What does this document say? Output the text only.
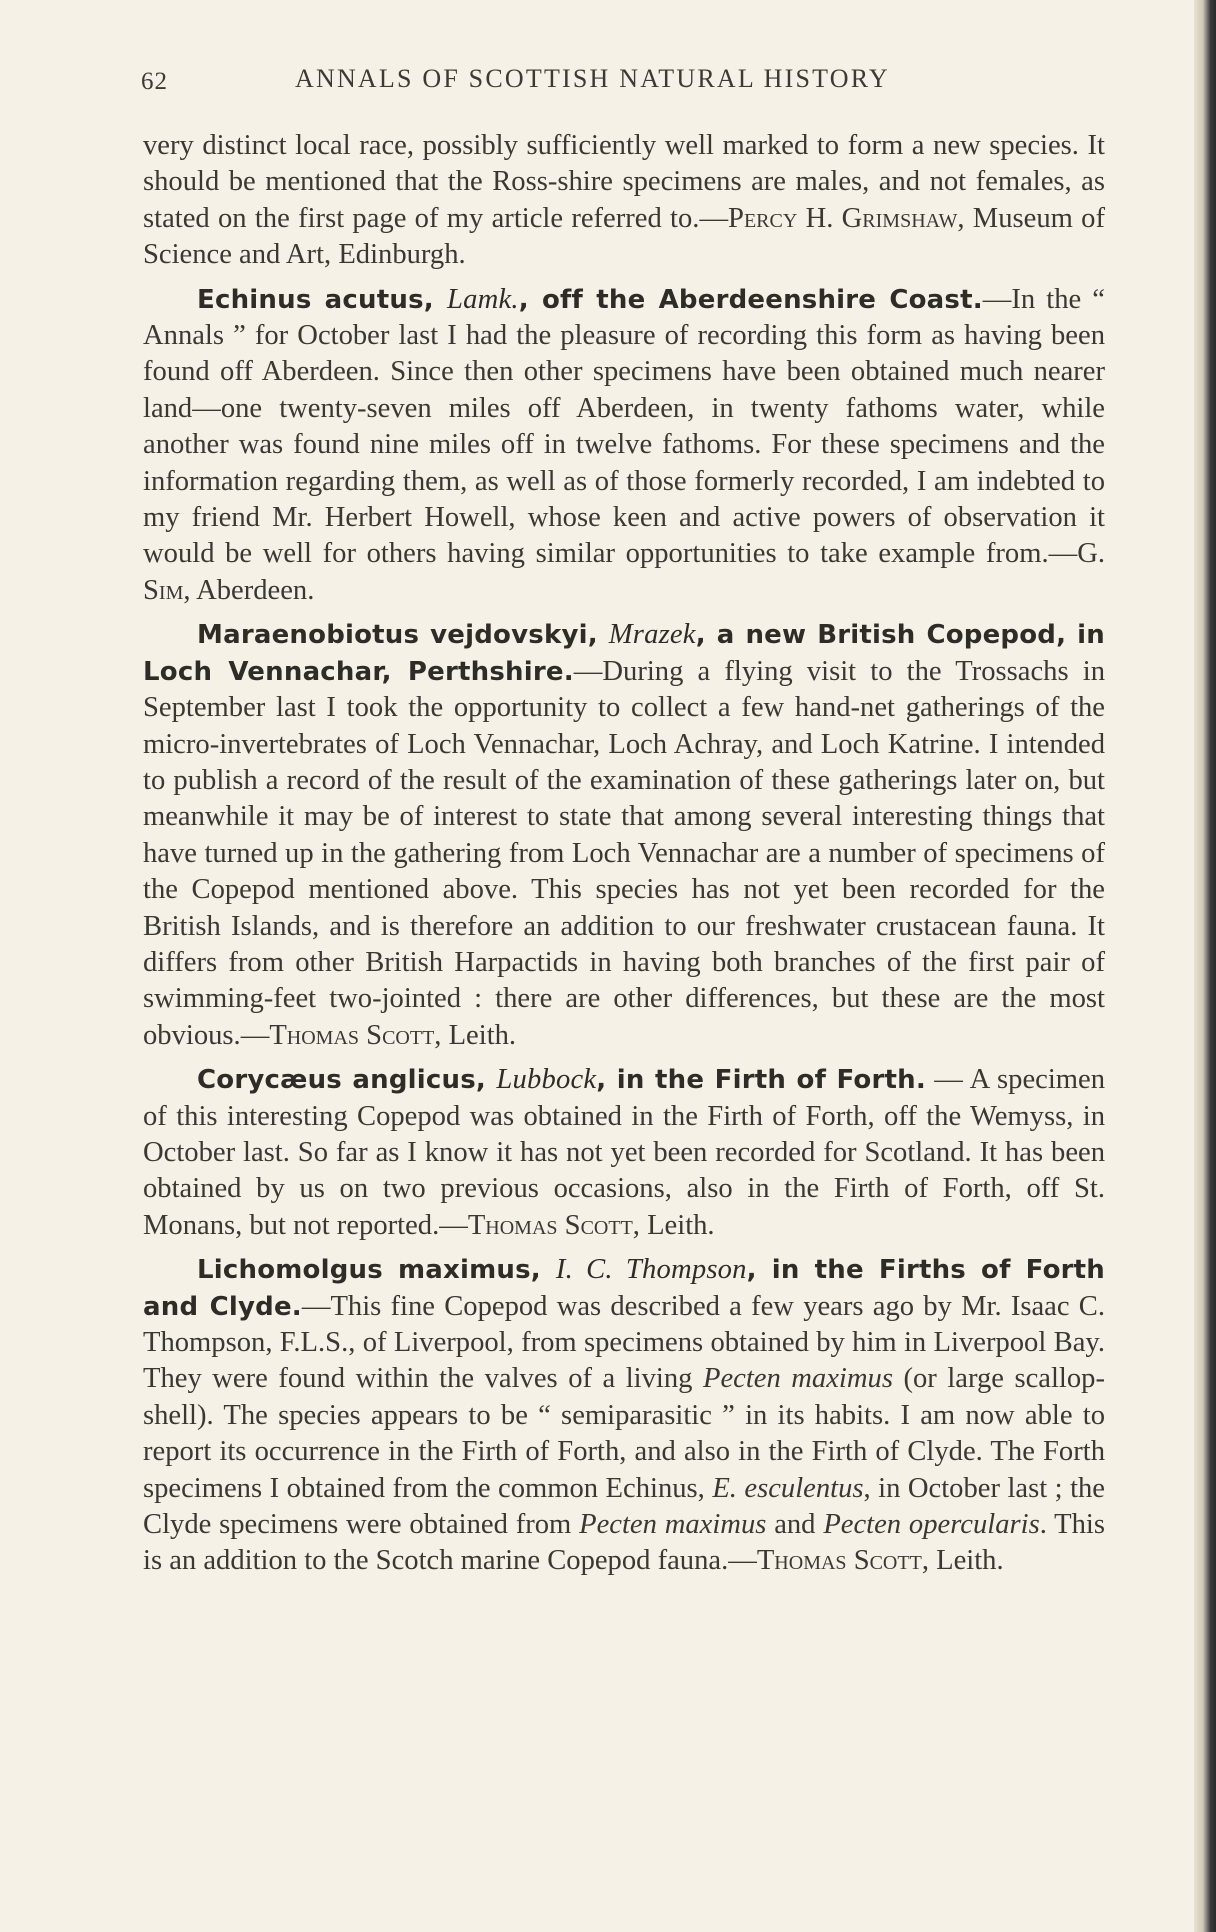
62	ANNALS OF SCOTTISH NATURAL HISTORY

very distinct local race, possibly sufficiently well marked to form a new species. It should be mentioned that the Ross-shire specimens are males, and not females, as stated on the first page of my article referred to.—Percy H. Grimshaw, Museum of Science and Art, Edinburgh.

Echinus acutus, Lamk., off the Aberdeenshire Coast.—In the “ Annals ” for October last I had the pleasure of recording this form as having been found off Aberdeen. Since then other specimens have been obtained much nearer land—one twenty-seven miles off Aberdeen, in twenty fathoms water, while another was found nine miles off in twelve fathoms. For these specimens and the information regarding them, as well as of those formerly recorded, I am indebted to my friend Mr. Herbert Howell, whose keen and active powers of observation it would be well for others having similar opportunities to take example from.—G. Sim, Aberdeen.

Maraenobiotus vejdovskyi, Mrazek, a new British Copepod, in Loch Vennachar, Perthshire.—During a flying visit to the Trossachs in September last I took the opportunity to collect a few hand-net gatherings of the micro-invertebrates of Loch Vennachar, Loch Achray, and Loch Katrine. I intended to publish a record of the result of the examination of these gatherings later on, but meanwhile it may be of interest to state that among several interesting things that have turned up in the gathering from Loch Vennachar are a number of specimens of the Copepod mentioned above. This species has not yet been recorded for the British Islands, and is therefore an addition to our freshwater crustacean fauna. It differs from other British Harpactids in having both branches of the first pair of swimming-feet two-jointed : there are other differences, but these are the most obvious.—Thomas Scott, Leith.

Corycæus anglicus, Lubbock, in the Firth of Forth. — A specimen of this interesting Copepod was obtained in the Firth of Forth, off the Wemyss, in October last. So far as I know it has not yet been recorded for Scotland. It has been obtained by us on two previous occasions, also in the Firth of Forth, off St. Monans, but not reported.—Thomas Scott, Leith.

Lichomolgus maximus, I. C. Thompson, in the Firths of Forth and Clyde.—This fine Copepod was described a few years ago by Mr. Isaac C. Thompson, F.L.S., of Liverpool, from specimens obtained by him in Liverpool Bay. They were found within the valves of a living Pecten maximus (or large scallop-shell). The species appears to be “ semiparasitic ” in its habits. I am now able to report its occurrence in the Firth of Forth, and also in the Firth of Clyde. The Forth specimens I obtained from the common Echinus, E. esculentus, in October last ; the Clyde specimens were obtained from Pecten maximus and Pecten opercularis. This is an addition to the Scotch marine Copepod fauna.—Thomas Scott, Leith.
